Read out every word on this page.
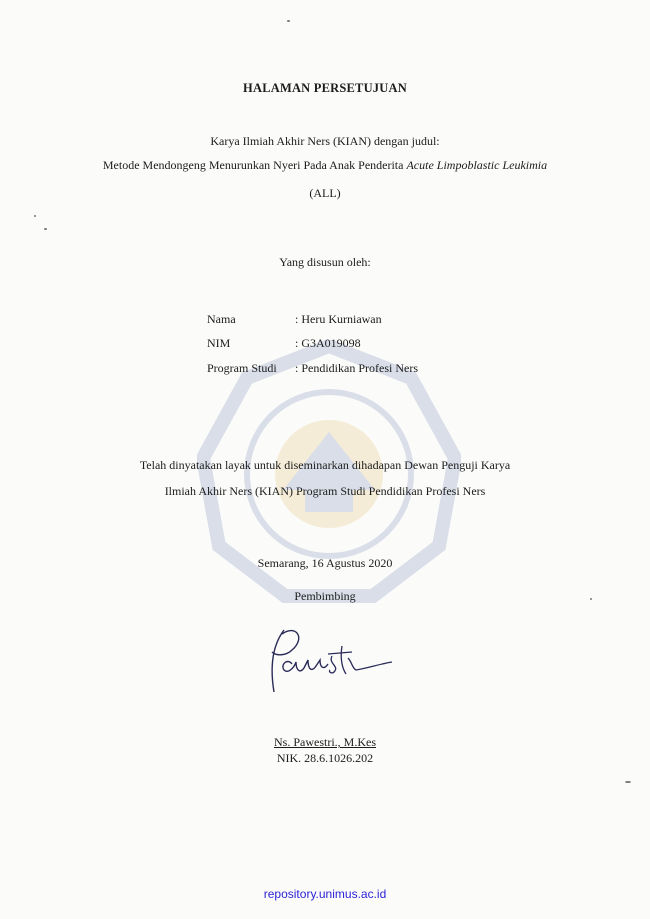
HALAMAN PERSETUJUAN
Karya Ilmiah Akhir Ners (KIAN) dengan judul:
Metode Mendongeng Menurunkan Nyeri Pada Anak Penderita Acute Limpoblastic Leukimia
(ALL)
Yang disusun oleh:
Nama	: Heru Kurniawan
NIM	: G3A019098
Program Studi : Pendidikan Profesi Ners
Telah dinyatakan layak untuk diseminarkan dihadapan Dewan Penguji Karya
Ilmiah Akhir Ners (KIAN) Program Studi Pendidikan Profesi Ners
Semarang, 16 Agustus 2020
Pembimbing
Ns. Pawestri., M.Kes
NIK. 28.6.1026.202
repository.unimus.ac.id
